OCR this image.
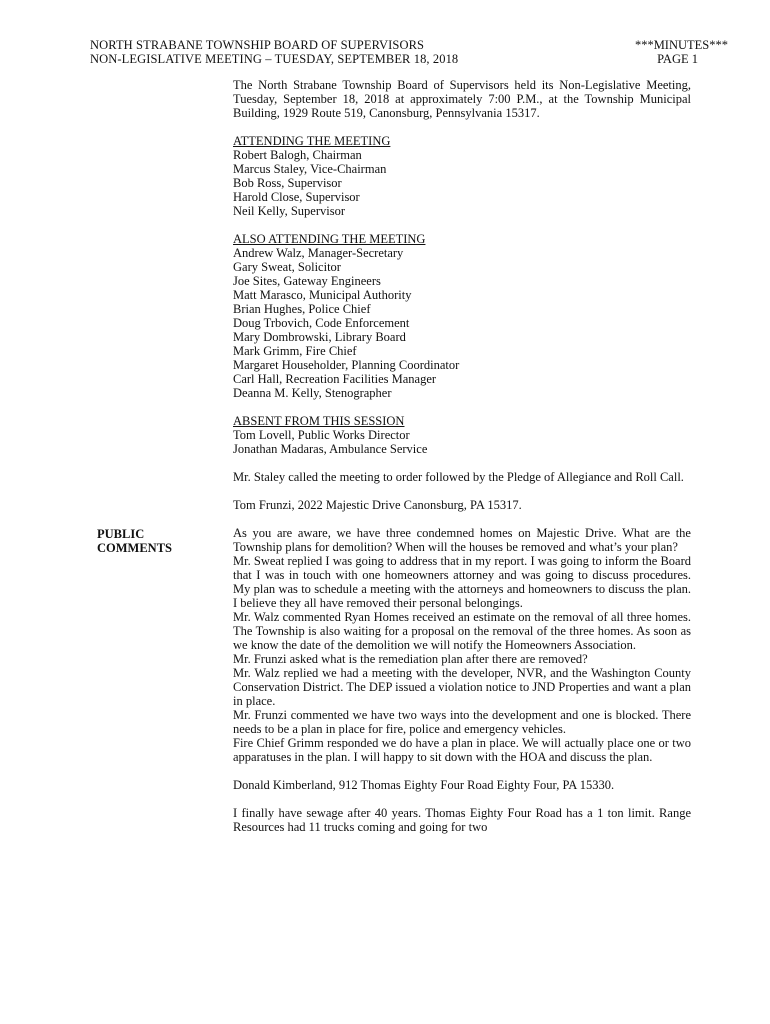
NORTH STRABANE TOWNSHIP BOARD OF SUPERVISORS
NON-LEGISLATIVE MEETING – TUESDAY, SEPTEMBER 18, 2018
***MINUTES***
PAGE 1
PUBLIC
COMMENTS

The North Strabane Township Board of Supervisors held its Non-Legislative Meeting, Tuesday, September 18, 2018 at approximately 7:00 P.M., at the Township Municipal Building, 1929 Route 519, Canonsburg, Pennsylvania 15317.

ATTENDING THE MEETING
Robert Balogh, Chairman
Marcus Staley, Vice-Chairman
Bob Ross, Supervisor
Harold Close, Supervisor
Neil Kelly, Supervisor
ALSO ATTENDING THE MEETING
Andrew Walz, Manager-Secretary
Gary Sweat, Solicitor
Joe Sites, Gateway Engineers
Matt Marasco, Municipal Authority
Brian Hughes, Police Chief
Doug Trbovich, Code Enforcement
Mary Dombrowski, Library Board
Mark Grimm, Fire Chief
Margaret Householder, Planning Coordinator
Carl Hall, Recreation Facilities Manager
Deanna M. Kelly, Stenographer
ABSENT FROM THIS SESSION
Tom Lovell, Public Works Director
Jonathan Madaras, Ambulance Service

Mr. Staley called the meeting to order followed by the Pledge of Allegiance and Roll Call.

Tom Frunzi, 2022 Majestic Drive Canonsburg, PA 15317.

As you are aware, we have three condemned homes on Majestic Drive. What are the Township plans for demolition? When will the houses be removed and what’s your plan?

Mr. Sweat replied I was going to address that in my report. I was going to inform the Board that I was in touch with one homeowners attorney and was going to discuss procedures. My plan was to schedule a meeting with the attorneys and homeowners to discuss the plan. I believe they all have removed their personal belongings.

Mr. Walz commented Ryan Homes received an estimate on the removal of all three homes. The Township is also waiting for a proposal on the removal of the three homes. As soon as we know the date of the demolition we will notify the Homeowners Association.

Mr. Frunzi asked what is the remediation plan after there are removed?

Mr. Walz replied we had a meeting with the developer, NVR, and the Washington County Conservation District. The DEP issued a violation notice to JND Properties and want a plan in place.

Mr. Frunzi commented we have two ways into the development and one is blocked. There needs to be a plan in place for fire, police and emergency vehicles.

Fire Chief Grimm responded we do have a plan in place. We will actually place one or two apparatuses in the plan. I will happy to sit down with the HOA and discuss the plan.

Donald Kimberland, 912 Thomas Eighty Four Road Eighty Four, PA 15330.

I finally have sewage after 40 years. Thomas Eighty Four Road has a 1 ton limit. Range Resources had 11 trucks coming and going for two
